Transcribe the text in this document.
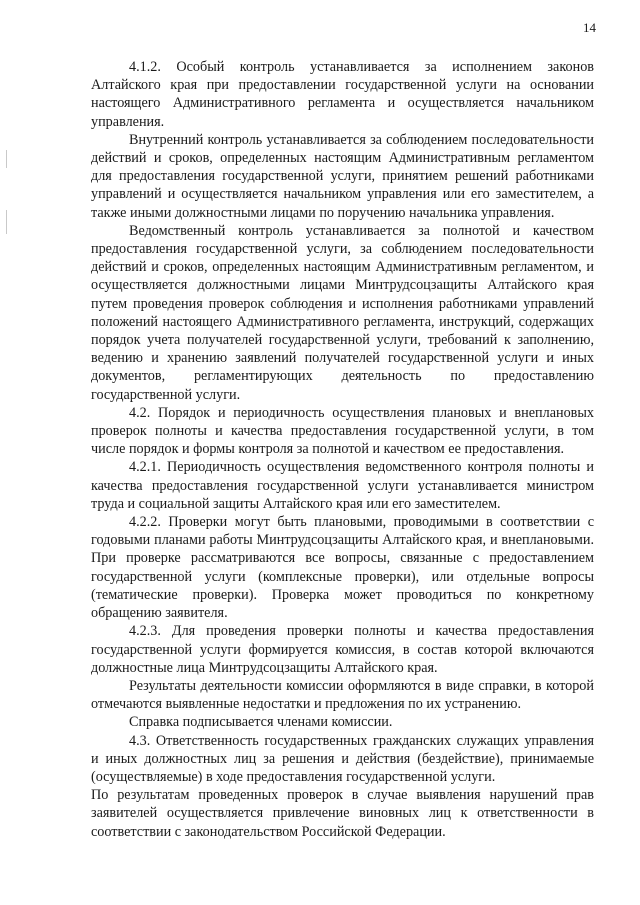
14

4.1.2. Особый контроль устанавливается за исполнением законов Алтайского края при предоставлении государственной услуги на основании настоящего Административного регламента и осуществляется начальником управления.

Внутренний контроль устанавливается за соблюдением последовательности действий и сроков, определенных настоящим Административным регламентом для предоставления государственной услуги, принятием решений работниками управлений и осуществляется начальником управления или его заместителем, а также иными должностными лицами по поручению начальника управления.

Ведомственный контроль устанавливается за полнотой и качеством предоставления государственной услуги, за соблюдением последовательности действий и сроков, определенных настоящим Административным регламентом, и осуществляется должностными лицами Минтрудсоцзащиты Алтайского края путем проведения проверок соблюдения и исполнения работниками управлений положений настоящего Административного регламента, инструкций, содержащих порядок учета получателей государственной услуги, требований к заполнению, ведению и хранению заявлений получателей государственной услуги и иных документов, регламентирующих деятельность по предоставлению государственной услуги.

4.2. Порядок и периодичность осуществления плановых и внеплановых проверок полноты и качества предоставления государственной услуги, в том числе порядок и формы контроля за полнотой и качеством ее предоставления.

4.2.1. Периодичность осуществления ведомственного контроля полноты и качества предоставления государственной услуги устанавливается министром труда и социальной защиты Алтайского края или его заместителем.

4.2.2. Проверки могут быть плановыми, проводимыми в соответствии с годовыми планами работы Минтрудсоцзащиты Алтайского края, и внеплановыми. При проверке рассматриваются все вопросы, связанные с предоставлением государственной услуги (комплексные проверки), или отдельные вопросы (тематические проверки). Проверка может проводиться по конкретному обращению заявителя.

4.2.3. Для проведения проверки полноты и качества предоставления государственной услуги формируется комиссия, в состав которой включаются должностные лица Минтрудсоцзащиты Алтайского края.

Результаты деятельности комиссии оформляются в виде справки, в которой отмечаются выявленные недостатки и предложения по их устранению.

Справка подписывается членами комиссии.

4.3. Ответственность государственных гражданских служащих управления и иных должностных лиц за решения и действия (бездействие), принимаемые (осуществляемые) в ходе предоставления государственной услуги.

По результатам проведенных проверок в случае выявления нарушений прав заявителей осуществляется привлечение виновных лиц к ответственности в соответствии с законодательством Российской Федерации.
